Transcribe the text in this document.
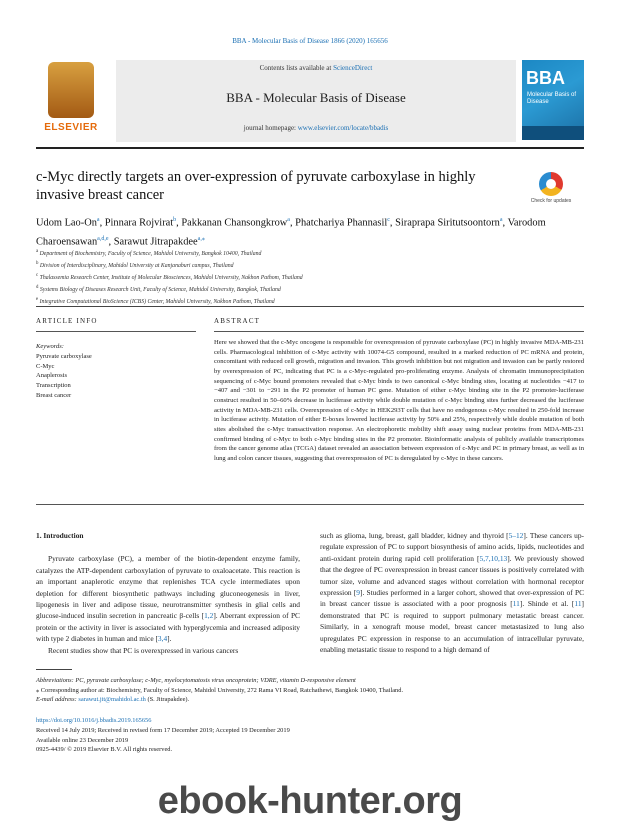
BBA - Molecular Basis of Disease 1866 (2020) 165656
ELSEVIER
Contents lists available at ScienceDirect
BBA - Molecular Basis of Disease
journal homepage: www.elsevier.com/locate/bbadis
BBA
Molecular Basis of Disease
c-Myc directly targets an over-expression of pyruvate carboxylase in highly invasive breast cancer	Check for updates
Udom Lao-On$^a$, Pinnara Rojvirat$^b$, Pakkanan Chansongkrow$^a$, Phatchariya Phannasil$^c$, Siraprapa Siritutsoontorn$^a$, Varodom Charoensawan$^{a,d,e}$, Sarawut Jitrapakdee$^{a,⁎}$
$^a$ Department of Biochemistry, Faculty of Science, Mahidol University, Bangkok 10400, Thailand
$^b$ Division of Interdisciplinary, Mahidol University at Kanjanaburi campus, Thailand
$^c$ Thalassemia Research Center, Institute of Molecular Biosciences, Mahidol University, Nakhon Pathom, Thailand
$^d$ Systems Biology of Diseases Research Unit, Faculty of Science, Mahidol University, Bangkok, Thailand
$^e$ Integrative Computational BioScience (ICBS) Center, Mahidol University, Nakhon Pathom, Thailand
ARTICLE INFO	ABSTRACT
Keywords:
Pyruvate carboxylase
C-Myc
Anaplerosis
Transcription
Breast cancer
Here we showed that the c-Myc oncogene is responsible for overexpression of pyruvate carboxylase (PC) in highly invasive MDA-MB-231 cells. Pharmacological inhibition of c-Myc activity with 10074-G5 compound, resulted in a marked reduction of PC mRNA and protein, concomitant with reduced cell growth, migration and invasion. This growth inhibition but not migration and invasion can be partly restored by overexpression of PC, indicating that PC is a c-Myc-regulated pro-proliferating enzyme. Analysis of chromatin immunoprecipitation sequencing of c-Myc bound promoters revealed that c-Myc binds to two canonical c-Myc binding sites, locating at nucleotides −417 to −407 and −301 to −291 in the P2 promoter of human PC gene. Mutation of either c-Myc binding site in the P2 promoter-luciferase construct resulted in 50–60% decrease in luciferase activity while double mutation of c-Myc binding sites further decreased the luciferase activity in MDA-MB-231 cells. Overexpression of c-Myc in HEK293T cells that have no endogenous c-Myc resulted in 250-fold increase in luciferase activity. Mutation of either E-boxes lowered luciferase activity by 50% and 25%, respectively while double mutation of both sites abolished the c-Myc transactivation response. An electrophoretic mobility shift assay using nuclear proteins from MDA-MB-231 confirmed binding of c-Myc to both c-Myc binding sites in the P2 promoter. Bioinformatic analysis of publicly available transcriptomes from the cancer genome atlas (TCGA) dataset revealed an association between expression of c-Myc and PC in primary breast, as well as in lung and colon cancer tissues, suggesting that overexpression of PC is deregulated by c-Myc in these cancers.
1. Introduction

Pyruvate carboxylase (PC), a member of the biotin-dependent enzyme family, catalyzes the ATP-dependent carboxylation of pyruvate to oxaloacetate. This reaction is an important anaplerotic enzyme that replenishes TCA cycle intermediates upon depletion for different biosynthetic pathways including gluconeogenesis in liver, lipogenesis in liver and adipose tissue, neurotransmitter synthesis in glial cells and glucose-induced insulin secretion in pancreatic β-cells [1,2]. Aberrant expression of PC protein or the activity in liver is associated with hyperglycemia and increased adiposity with type 2 diabetes in human and mice [3,4].

Recent studies show that PC is overexpressed in various cancers

such as glioma, lung, breast, gall bladder, kidney and thyroid [5–12]. These cancers up-regulate expression of PC to support biosynthesis of amino acids, lipids, nucleotides and anti-oxidant protein during rapid cell proliferation [5,7,10,13]. We previously showed that the degree of PC overexpression in breast cancer tissues is positively correlated with tumor size, volume and advanced stages without correlation with hormonal receptor expression [9]. Studies performed in a larger cohort, showed that over-expression of PC in breast cancer tissue is associated with a poor prognosis [11]. Shinde et al. [11] demonstrated that PC is required to support pulmonary metastatic breast cancer. Similarly, in a xenograft mouse model, breast cancer metastasized to lung also upregulates PC expression in response to an accumulation of intracellular pyruvate, enabling metastatic tissue to respond to a high demand of
Abbreviations: PC, pyruvate carboxylase; c-Myc, myelocytomatosis virus oncoprotein; VDRE, vitamin D-responsive element
⁎ Corresponding author at: Biochemistry, Faculty of Science, Mahidol University, 272 Rama VI Road, Ratchathewi, Bangkok 10400, Thailand.
E-mail address: sarawut.jit@mahidol.ac.th (S. Jitrapakdee).
https://doi.org/10.1016/j.bbadis.2019.165656
Received 14 July 2019; Received in revised form 17 December 2019; Accepted 19 December 2019
Available online 23 December 2019
0925-4439/ © 2019 Elsevier B.V. All rights reserved.
ebook-hunter.org
